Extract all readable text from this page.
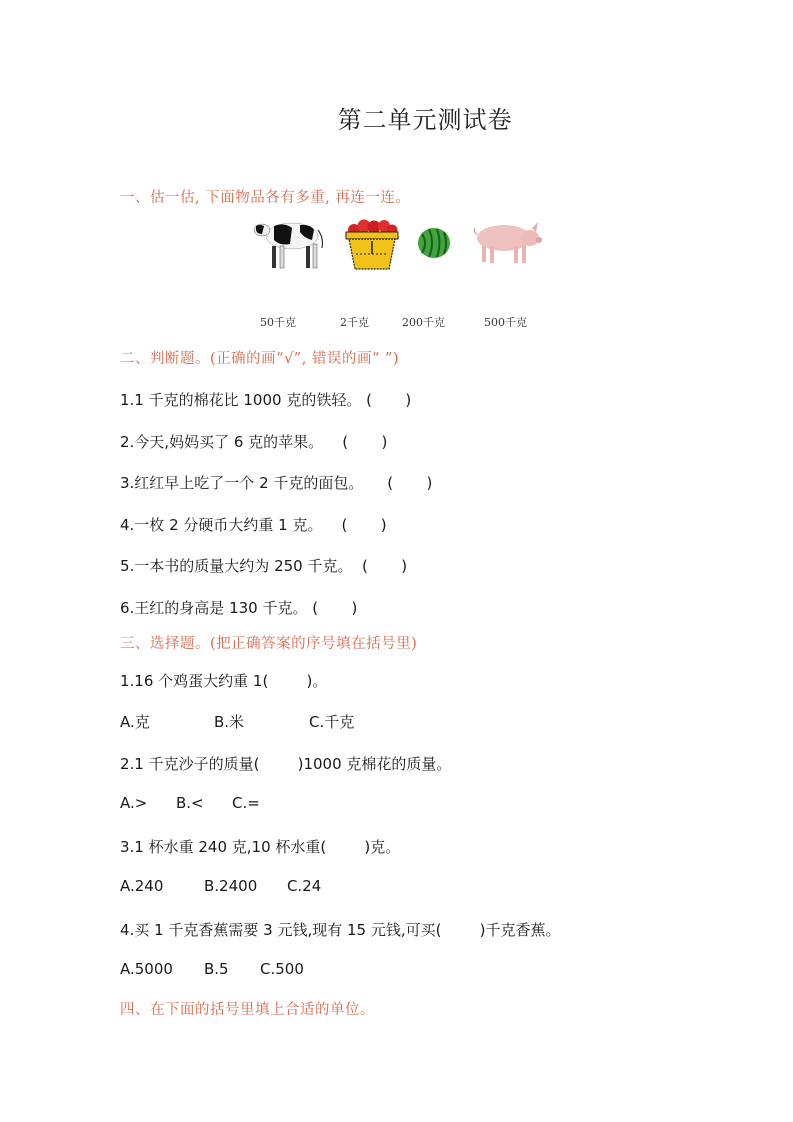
第二单元测试卷
一、估一估, 下面物品各有多重, 再连一连。
50千克	2千克	200千克	500千克
二、判断题。(正确的画“√”, 错误的画“ ”)
1.1 千克的棉花比 1000 克的铁轻。 (       )
2.今天,妈妈买了 6 克的苹果。    (       )
3.红红早上吃了一个 2 千克的面包。     (       )
4.一枚 2 分硬币大约重 1 克。    (       )
5.一本书的质量大约为 250 千克。  (       )
6.王红的身高是 130 千克。 (       )
三、选择题。(把正确答案的序号填在括号里)
1.16 个鸡蛋大约重 1(        )。
A.克	B.米	C.千克
2.1 千克沙子的质量(        )1000 克棉花的质量。
A.> B.< C.=
3.1 杯水重 240 克,10 杯水重(        )克。
A.240	B.2400 C.24
4.买 1 千克香蕉需要 3 元钱,现有 15 元钱,可买(        )千克香蕉。
A.5000 B.5 C.500
四、在下面的括号里填上合适的单位。
